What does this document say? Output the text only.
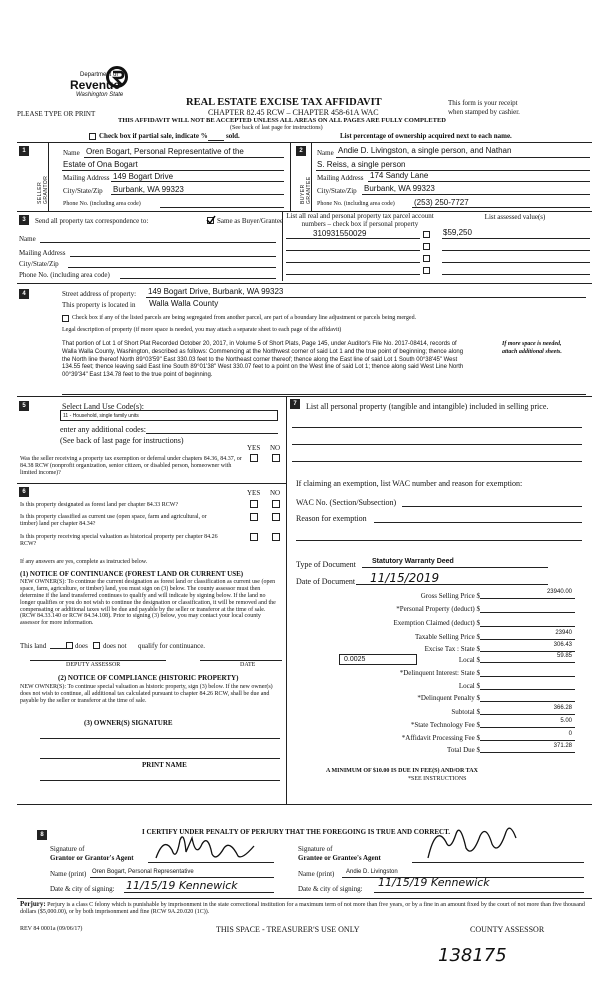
Department of
Revenue
Washington State
PLEASE TYPE OR PRINT
REAL ESTATE EXCISE TAX AFFIDAVIT
CHAPTER 82.45 RCW – CHAPTER 458-61A WAC
THIS AFFIDAVIT WILL NOT BE ACCEPTED UNLESS ALL AREAS ON ALL PAGES ARE FULLY COMPLETED
(See back of last page for instructions)
This form is your receipt
when stamped by cashier.
Check box if partial sale, indicate %	sold.	List percentage of ownership acquired next to each name.
1
SELLER GRANTOR
Name Oren Bogart, Personal Representative of the
Estate of Ona Bogart
Mailing Address 149 Bogart Drive
City/State/Zip Burbank, WA 99323
Phone No. (including area code)
2
BUYER GRANTEE
Name Andie D. Livingston, a single person, and Nathan
S. Reiss, a single person
Mailing Address 174 Sandy Lane
City/State/Zip Burbank, WA 99323
Phone No. (including area code) (253) 250-7727
3	Send all property tax correspondence to:	Same as Buyer/Grantee
Name
Mailing Address
City/State/Zip
Phone No. (including area code)
List all real and personal property tax parcel account numbers – check box if personal property
List assessed value(s)
310931550029	$59,250
4	Street address of property: 149 Bogart Drive, Burbank, WA 99323
This property is located in Walla Walla County
Check box if any of the listed parcels are being segregated from another parcel, are part of a boundary line adjustment or parcels being merged.
Legal description of property (if more space is needed, you may attach a separate sheet to each page of the affidavit)
That portion of Lot 1 of Short Plat Recorded October 20, 2017, in Volume 5 of Short Plats, Page 145, under Auditor's File No. 2017-08414, records of Walla Walla County, Washington, described as follows: Commencing at the Northwest corner of said Lot 1 and the true point of beginning; thence along the North line thereof North 89°03'59" East 330.03 feet to the Northeast corner thereof; thence along the East line of said Lot 1 South 00°38'45" West 134.55 feet; thence leaving said East line South 89°01'38" West 330.07 feet to a point on the West line of said Lot 1; thence along said West Line North 00°39'34" East 134.78 feet to the true point of beginning.
If more space is needed, attach additional sheets.
5	Select Land Use Code(s):
11 - Household, single family units
enter any additional codes:
(See back of last page for instructions)
YES NO
Was the seller receiving a property tax exemption or deferral under chapters 84.36, 84.37, or 84.38 RCW (nonprofit organization, senior citizen, or disabled person, homeowner with limited income)?
6	YES NO
Is this property designated as forest land per chapter 84.33 RCW?
Is this property classified as current use (open space, farm and agricultural, or timber) land per chapter 84.34?
Is this property receiving special valuation as historical property per chapter 84.26 RCW?
If any answers are yes, complete as instructed below.
(1) NOTICE OF CONTINUANCE (FOREST LAND OR CURRENT USE)
NEW OWNER(S): To continue the current designation as forest land or classification as current use (open space, farm, agriculture, or timber) land, you must sign on (3) below. The county assessor must then determine if the land transferred continues to qualify and will indicate by signing below. If the land no longer qualifies or you do not wish to continue the designation or classification, it will be removed and the compensating or additional taxes will be due and payable by the seller or transferor at the time of sale. (RCW 84.33.140 or RCW 84.34.108). Prior to signing (3) below, you may contact your local county assessor for more information.
This land	does does not qualify for continuance.
DEPUTY ASSESSOR	DATE
(2) NOTICE OF COMPLIANCE (HISTORIC PROPERTY)
NEW OWNER(S): To continue special valuation as historic property, sign (3) below. If the new owner(s) does not wish to continue, all additional tax calculated pursuant to chapter 84.26 RCW, shall be due and payable by the seller or transferor at the time of sale.
(3) OWNER(S) SIGNATURE
PRINT NAME
7	List all personal property (tangible and intangible) included in selling price.
If claiming an exemption, list WAC number and reason for exemption:
WAC No. (Section/Subsection)
Reason for exemption
Type of Document Statutory Warranty Deed
Date of Document 11/15/2019
Gross Selling Price $	23940.00
*Personal Property (deduct) $
Exemption Claimed (deduct) $
Taxable Selling Price $	23940
Excise Tax : State $	306.43
0.0025	Local $	59.85
*Delinquent Interest: State $
Local $
*Delinquent Penalty $
Subtotal $	366.28
*State Technology Fee $	5.00
*Affidavit Processing Fee $	0
Total Due $	371.28
A MINIMUM OF $10.00 IS DUE IN FEE(S) AND/OR TAX
*SEE INSTRUCTIONS
8	I CERTIFY UNDER PENALTY OF PERJURY THAT THE FOREGOING IS TRUE AND CORRECT.
Signature of
Grantor or Grantor's Agent
Signature of
Grantee or Grantee's Agent
Name (print) Oren Bogart, Personal Representative	Name (print) Andie D. Livingston
Date & city of signing: 11/15/19 Kennewick	Date & city of signing: 11/15/19 Kennewick
Perjury: Perjury is a class C felony which is punishable by imprisonment in the state correctional institution for a maximum term of not more than five years, or by a fine in an amount fixed by the court of not more than five thousand dollars ($5,000.00), or by both imprisonment and fine (RCW 9A.20.020 (1C)).
REV 84 0001a (09/06/17)	THIS SPACE - TREASURER'S USE ONLY	COUNTY ASSESSOR
138175
